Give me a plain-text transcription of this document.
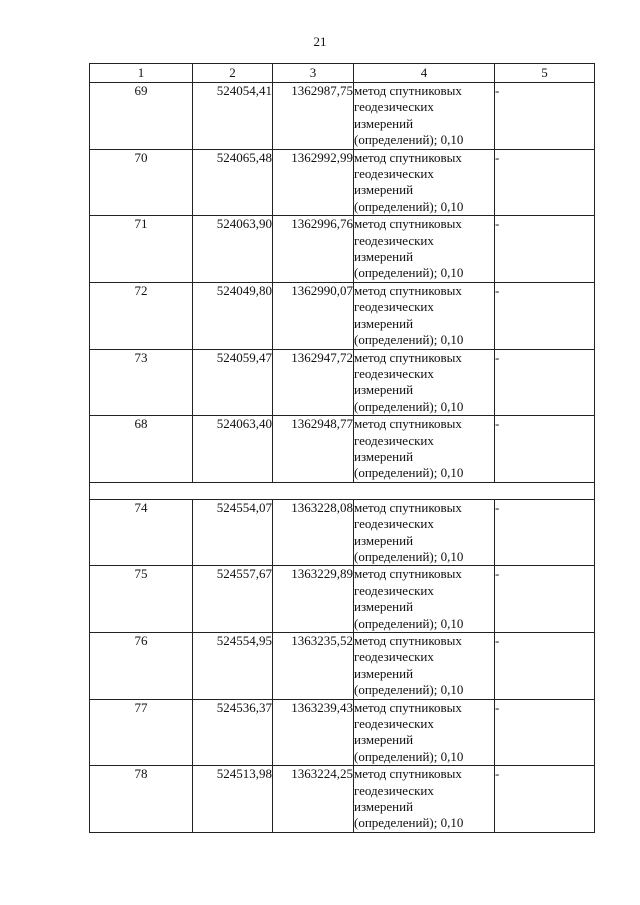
21
1	2	3	4	5
69	524054,41	1362987,75	метод спутниковых
геодезических
измерений
(определений); 0,10	-
70	524065,48	1362992,99	метод спутниковых
геодезических
измерений
(определений); 0,10	-
71	524063,90	1362996,76	метод спутниковых
геодезических
измерений
(определений); 0,10	-
72	524049,80	1362990,07	метод спутниковых
геодезических
измерений
(определений); 0,10	-
73	524059,47	1362947,72	метод спутниковых
геодезических
измерений
(определений); 0,10	-
68	524063,40	1362948,77	метод спутниковых
геодезических
измерений
(определений); 0,10	-

74	524554,07	1363228,08	метод спутниковых
геодезических
измерений
(определений); 0,10	-
75	524557,67	1363229,89	метод спутниковых
геодезических
измерений
(определений); 0,10	-
76	524554,95	1363235,52	метод спутниковых
геодезических
измерений
(определений); 0,10	-
77	524536,37	1363239,43	метод спутниковых
геодезических
измерений
(определений); 0,10	-
78	524513,98	1363224,25	метод спутниковых
геодезических
измерений
(определений); 0,10	-
